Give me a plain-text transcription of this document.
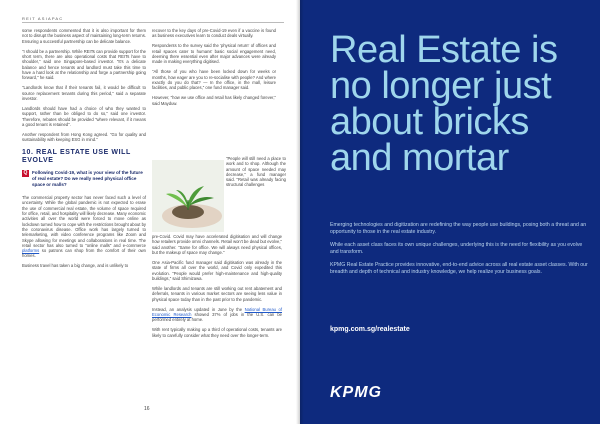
REIT ASIAPAC

some respondents commented that it is also important for them not to disrupt the business aspect of maintaining long-term returns. Ensuring a successful partnership can be delicate balance.

"I should be a partnership. While REITs can provide support for the short term, there are also operational costs that REITs have to shoulder," said one Singapore-based investor. "It's a delicate balance and hence tenants and landlord must take this time to have a hard look at the relationship and forge a partnership going forward," he said.

"Landlords know that if their tenants fail, it would be difficult to source replacement tenants during this period," said a separate investor.

Landlords should have had a choice of who they wanted to support, rather than be obliged to do so," said one investor. Therefore, rebates should be provided "where relevant, if it means a good tenant is retained".

Another respondent from Hong Kong agreed. "Go for quality and sustainability with keeping ESG in mind."

10. REAL ESTATE USE WILL EVOLVE
Q Following Covid-19, what is your view of the future of real estate? Do we really need physical office space or malls?

The commercial property sector has never faced such a level of uncertainty. While the global pandemic is not expected to erase the use of commercial real estate, the volume of space required for office, retail, and hospitality will likely decrease. Many economic activities all over the world were forced to move online as lockdown turned how to cope with the restrictions brought about by the coronavirus disease. Office work has largely turned to telemarketing, with video conference programs like Zoom and Skype allowing for meetings and collaborations in real time. The retail sector has also turned to "online malls" and e-commerce platforms so patrons can shop from the comfort of their own homes.

Business travel has taken a big change, and is unlikely to

recover to the key days of pre-Covid-19 even if a vaccine is found as business executives learn to conduct deals virtually.

Respondents to the survey said the 'physical return' of offices and retail spaces cater to humans' basic social engagement need, deeming there essential even after major advances were already made in making everything digitised.

"All those of you who have been locked down for weeks or months, how eager are you to re-socialise with people? And where exactly do you do that? — In the office, in the mall, leisure facilities, and public places," one fund manager said.

However, "how we use office and retail has likely changed forever," said Mayduw.

"People will still need a place to work and to shop. Although the amount of space needed may decrease," a fund manager said. "Retail was already facing structural challenges

pre-Covid. Covid may have accelerated digitisation and will change how retailers provide omni channels. Retail won't be dead but evolve," said another. "Same for office. We will always need physical offices, but the makeup of space may change."

One Asia-Pacific fund manager said digitisation was already in the state of firms all over the world, and Covid only expedited this evolution. "People would prefer high-maintenance and high-quality buildings," said Shimizawa.

While landlords and tenants are still working out rent abatement and deferrals, tenants in various market sectors are seeing less value in physical space today than in the past prior to the pandemic.

Instead, an analysis updated in June by the National Bureau of Economic Research showed 37% of jobs in the U.S. can be performed entirely at home.

With rent typically making up a third of operational costs, tenants are likely to carefully consider what they need over the longer-term.

16
Real Estate is no longer just about bricks and mortar

Emerging technologies and digitization are redefining the way people use buildings, posing both a threat and an opportunity to those in the real estate industry.

While each asset class faces its own unique challenges, underlying this is the need for flexibility as you evolve and transform.

KPMG Real Estate Practice provides innovative, end-to-end advice across all real estate asset classes. With our breadth and depth of technical and industry knowledge, we help realize your business goals.

kpmg.com.sg/realestate
KPMG
